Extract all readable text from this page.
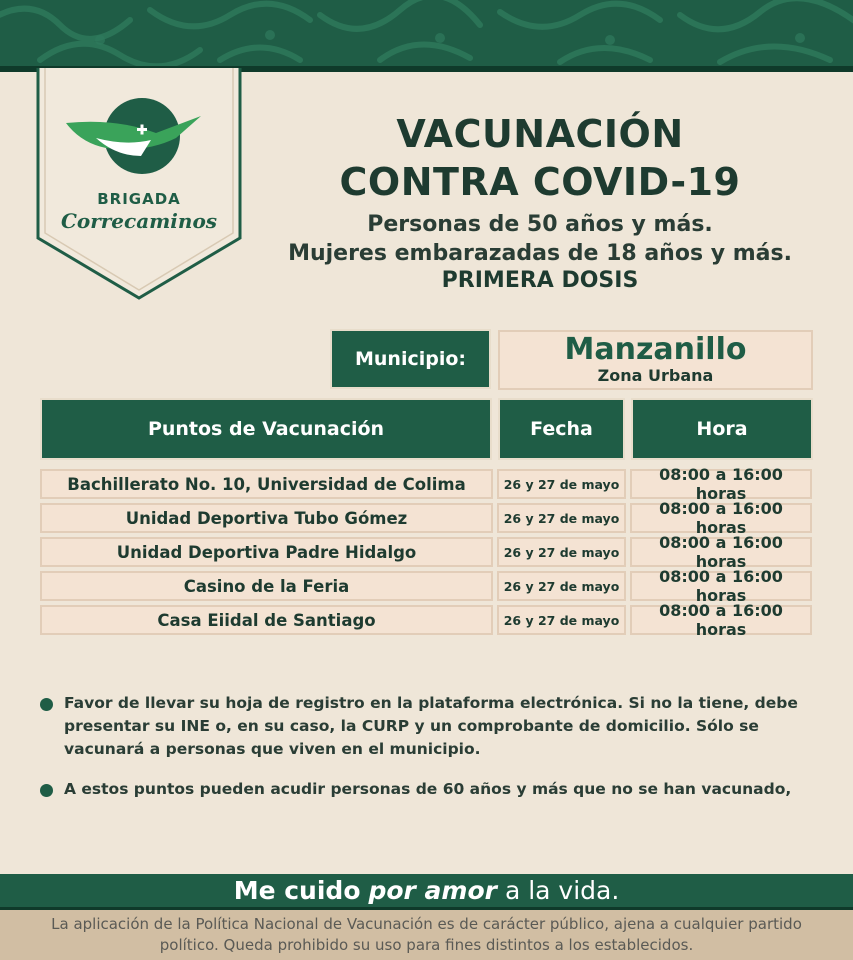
BRIGADA
Correcaminos
VACUNACIÓN
CONTRA COVID-19
Personas de 50 años y más.
Mujeres embarazadas de 18 años y más.
PRIMERA DOSIS
Municipio:	Manzanillo
Zona Urbana
Puntos de Vacunación	Fecha	Hora
Bachillerato No. 10, Universidad de Colima	26 y 27 de mayo	08:00 a 16:00 horas
Unidad Deportiva Tubo Gómez	26 y 27 de mayo	08:00 a 16:00 horas
Unidad Deportiva Padre Hidalgo	26 y 27 de mayo	08:00 a 16:00 horas
Casino de la Feria	26 y 27 de mayo	08:00 a 16:00 horas
Casa Eiidal de Santiago	26 y 27 de mayo	08:00 a 16:00 horas
Favor de llevar su hoja de registro en la plataforma electrónica. Si no la tiene, debe presentar su INE o, en su caso, la CURP y un comprobante de domicilio. Sólo se vacunará a personas que viven en el municipio.
A estos puntos pueden acudir personas de 60 años y más que no se han vacunado,
Me cuido por amor a la vida.
La aplicación de la Política Nacional de Vacunación es de carácter público, ajena a cualquier partido político. Queda prohibido su uso para fines distintos a los establecidos.
